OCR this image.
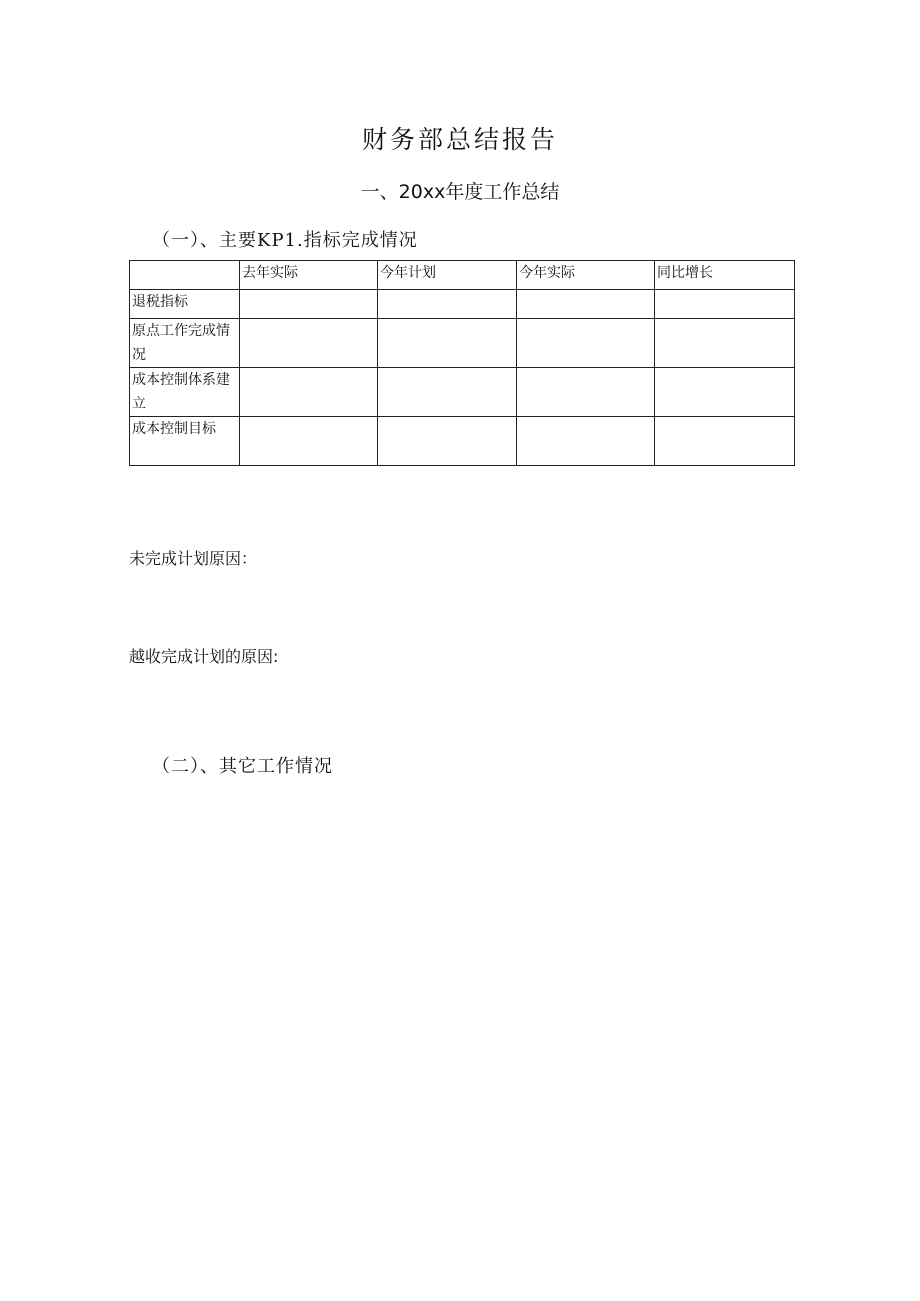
财务部总结报告
一、20xx年度工作总结
（一）、主要KP1.指标完成情况
	去年实际	今年计划	今年实际	同比增长
退税指标				
原点工作完成情况				
成本控制体系建立				
成本控制目标				
未完成计划原因：
越收完成计划的原因:
（二）、其它工作情况
